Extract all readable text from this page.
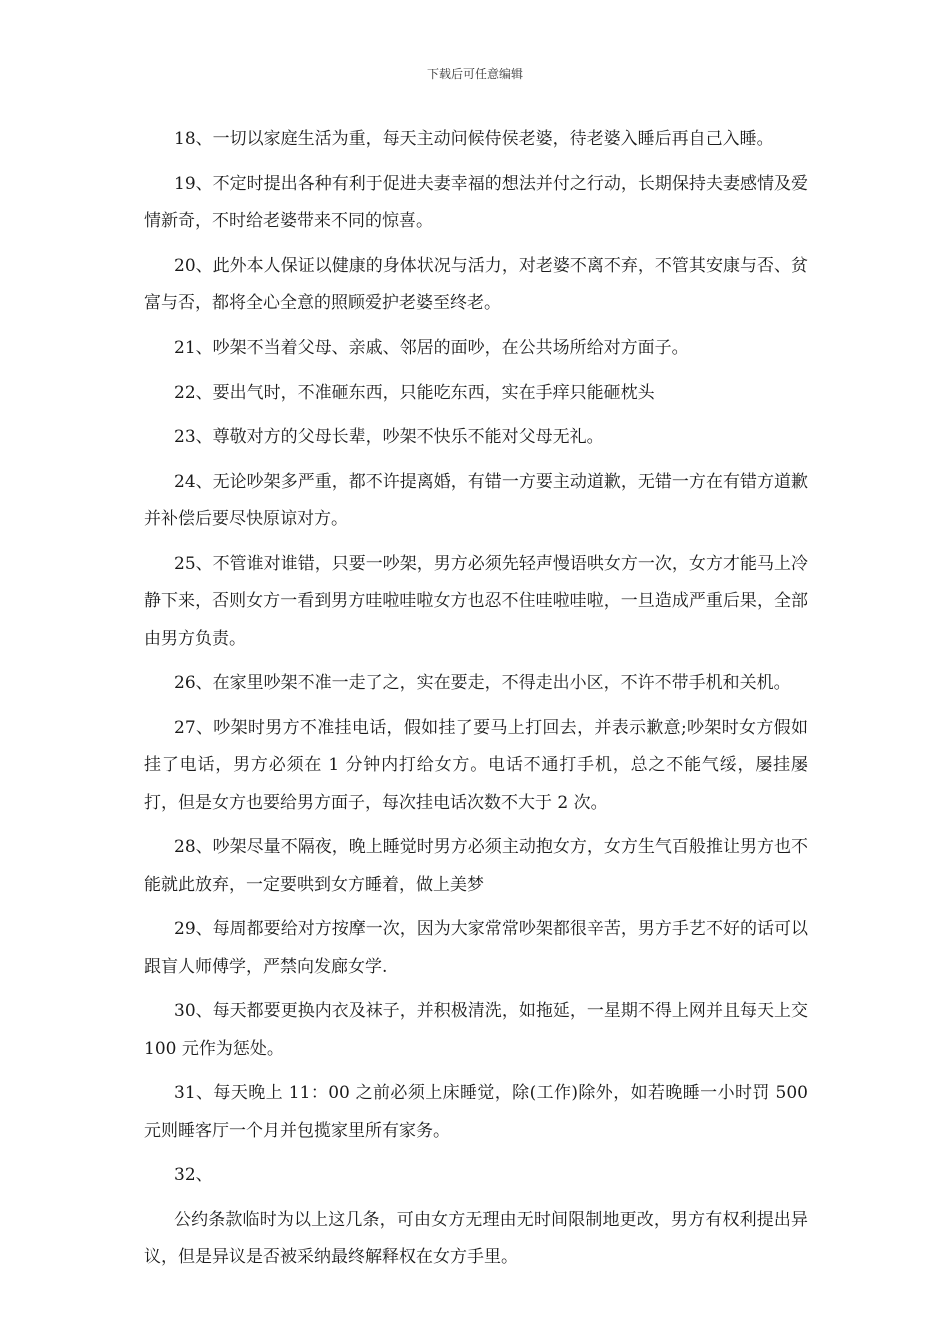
下载后可任意编辑

18、一切以家庭生活为重，每天主动问候侍侯老婆，待老婆入睡后再自己入睡。

19、不定时提出各种有利于促进夫妻幸福的想法并付之行动，长期保持夫妻感情及爱情新奇，不时给老婆带来不同的惊喜。

20、此外本人保证以健康的身体状况与活力，对老婆不离不弃，不管其安康与否、贫富与否，都将全心全意的照顾爱护老婆至终老。

21、吵架不当着父母、亲戚、邻居的面吵，在公共场所给对方面子。

22、要出气时，不准砸东西，只能吃东西，实在手痒只能砸枕头

23、尊敬对方的父母长辈，吵架不快乐不能对父母无礼。

24、无论吵架多严重，都不许提离婚，有错一方要主动道歉，无错一方在有错方道歉并补偿后要尽快原谅对方。

25、不管谁对谁错，只要一吵架，男方必须先轻声慢语哄女方一次，女方才能马上冷静下来，否则女方一看到男方哇啦哇啦女方也忍不住哇啦哇啦，一旦造成严重后果，全部由男方负责。

26、在家里吵架不准一走了之，实在要走，不得走出小区，不许不带手机和关机。

27、吵架时男方不准挂电话，假如挂了要马上打回去，并表示歉意;吵架时女方假如挂了电话，男方必须在 1 分钟内打给女方。电话不通打手机，总之不能气绥，屡挂屡打，但是女方也要给男方面子，每次挂电话次数不大于 2 次。

28、吵架尽量不隔夜，晚上睡觉时男方必须主动抱女方，女方生气百般推让男方也不能就此放弃，一定要哄到女方睡着，做上美梦

29、每周都要给对方按摩一次，因为大家常常吵架都很辛苦，男方手艺不好的话可以跟盲人师傅学，严禁向发廊女学.

30、每天都要更换内衣及袜子，并积极清洗，如拖延，一星期不得上网并且每天上交 100 元作为惩处。

31、每天晚上 11：00 之前必须上床睡觉，除(工作)除外，如若晚睡一小时罚 500 元则睡客厅一个月并包揽家里所有家务。

32、

公约条款临时为以上这几条，可由女方无理由无时间限制地更改，男方有权利提出异议，但是异议是否被采纳最终解释权在女方手里。
